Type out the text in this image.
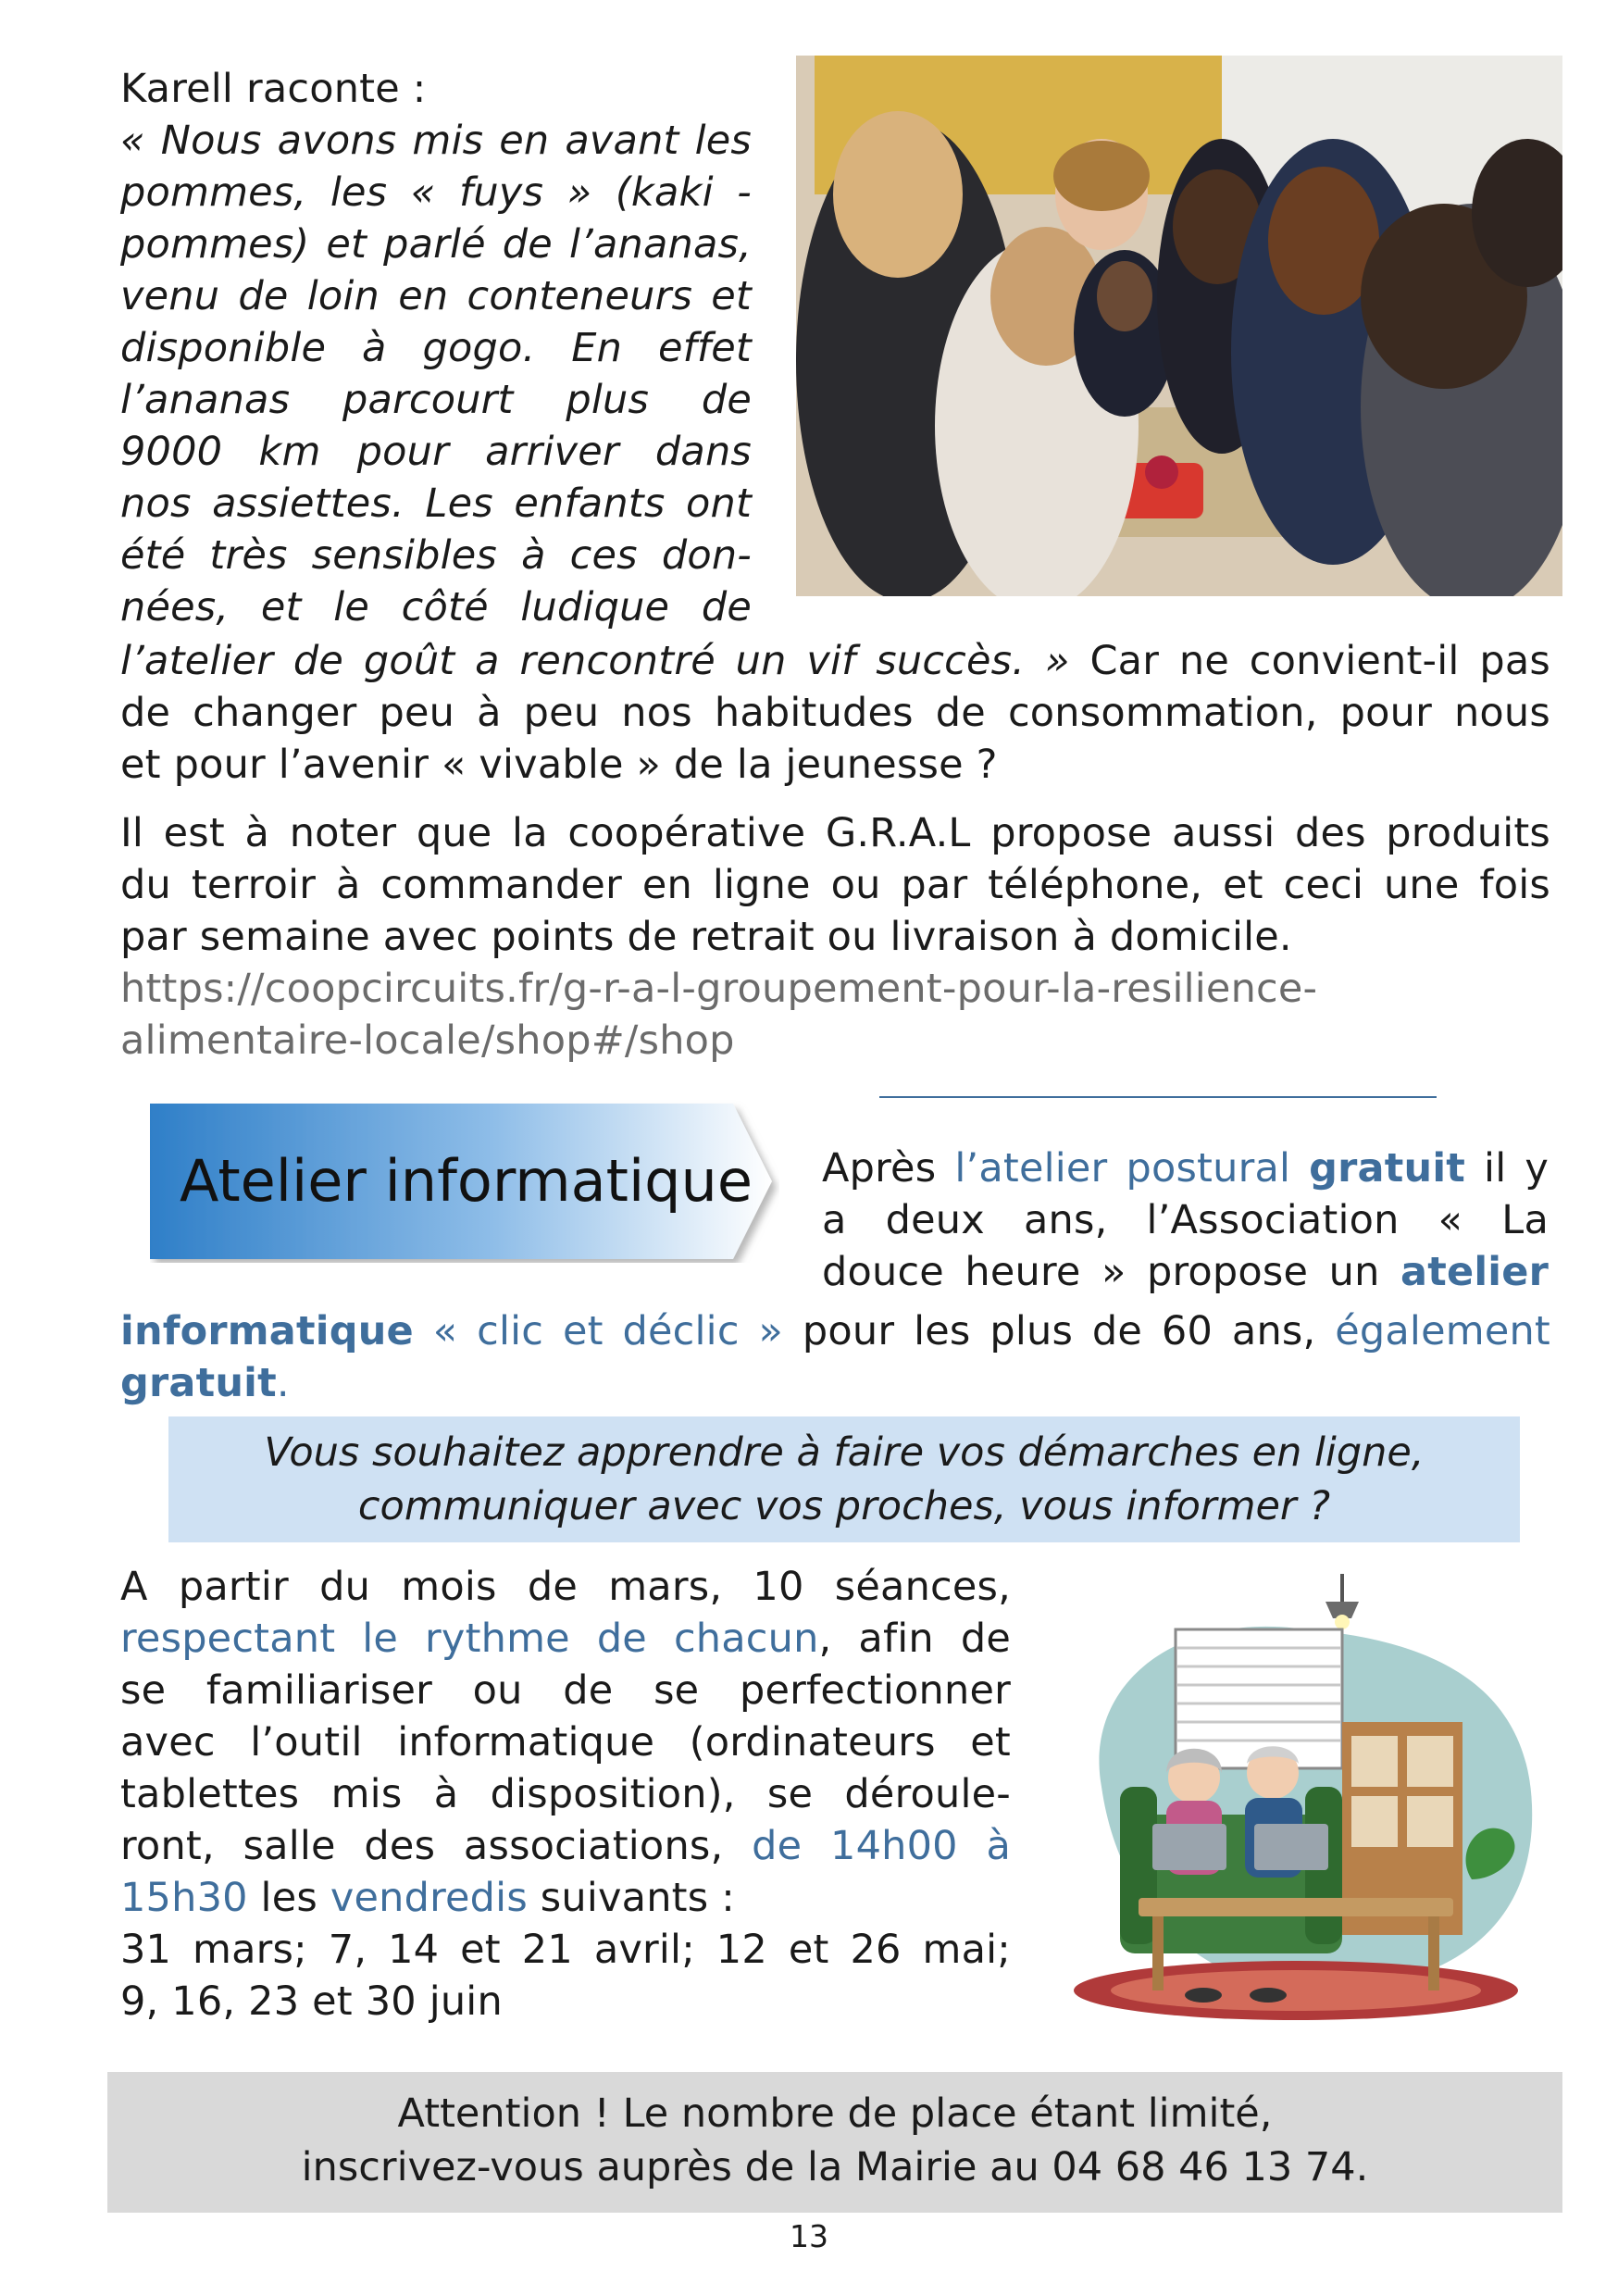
Karell raconte :
« Nous avons mis en avant les
pommes, les « fuys » (kaki -
pommes) et parlé de l’ananas,
venu de loin en conteneurs et
disponible à gogo. En effet
l’ananas parcourt plus de
9000 km pour arriver dans
nos assiettes. Les enfants ont
été très sensibles à ces don-
nées, et le côté ludique de
l’atelier de goût a rencontré un vif succès. » Car ne convient-il pas
de changer peu à peu nos habitudes de consommation, pour nous
et pour l’avenir « vivable » de la jeunesse ?
Il est à noter que la coopérative G.R.A.L propose aussi des produits
du terroir à commander en ligne ou par téléphone, et ceci une fois
par semaine avec points de retrait ou livraison à domicile.
https://coopcircuits.fr/g-r-a-l-groupement-pour-la-resilience-
alimentaire-locale/shop#/shop
Atelier informatique Après l’atelier postural gratuit il y
a deux ans, l’Association « La
douce heure » propose un atelier
informatique « clic et déclic » pour les plus de 60 ans, également
gratuit.
Vous souhaitez apprendre à faire vos démarches en ligne,
communiquer avec vos proches, vous informer ?
A partir du mois de mars, 10 séances,
respectant le rythme de chacun, afin de
se familiariser ou de se perfectionner
avec l’outil informatique (ordinateurs et
tablettes mis à disposition), se déroule-
ront, salle des associations, de 14h00 à
15h30 les vendredis suivants :
31 mars; 7, 14 et 21 avril; 12 et 26 mai;
9, 16, 23 et 30 juin
Attention ! Le nombre de place étant limité,
inscrivez-vous auprès de la Mairie au 04 68 46 13 74.
13
